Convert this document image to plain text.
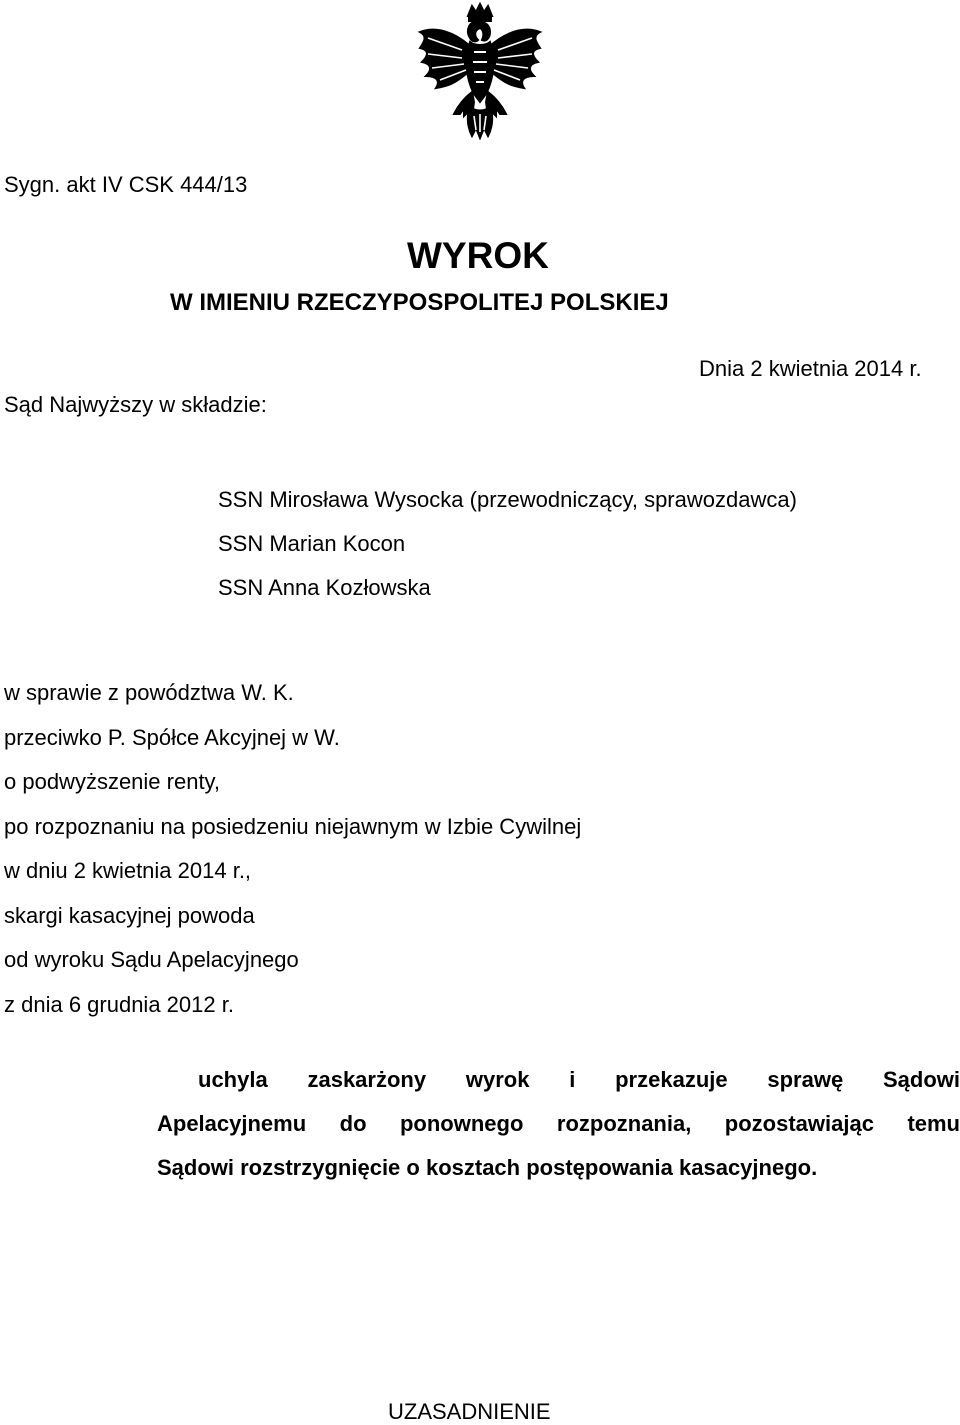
Sygn. akt IV CSK 444/13
WYROK
W IMIENIU RZECZYPOSPOLITEJ POLSKIEJ
Dnia 2 kwietnia 2014 r.
Sąd Najwyższy w składzie:
SSN Mirosława Wysocka (przewodniczący, sprawozdawca)
SSN Marian Kocon
SSN Anna Kozłowska
w sprawie z powództwa W. K.
przeciwko P. Spółce Akcyjnej w W.
o podwyższenie renty,
po rozpoznaniu na posiedzeniu niejawnym w Izbie Cywilnej
w dniu 2 kwietnia 2014 r.,
skargi kasacyjnej powoda
od wyroku Sądu Apelacyjnego
z dnia 6 grudnia 2012 r.
uchyla zaskarżony wyrok i przekazuje sprawę Sądowi
Apelacyjnemu do ponownego rozpoznania, pozostawiając temu
Sądowi rozstrzygnięcie o kosztach postępowania kasacyjnego.
UZASADNIENIE
